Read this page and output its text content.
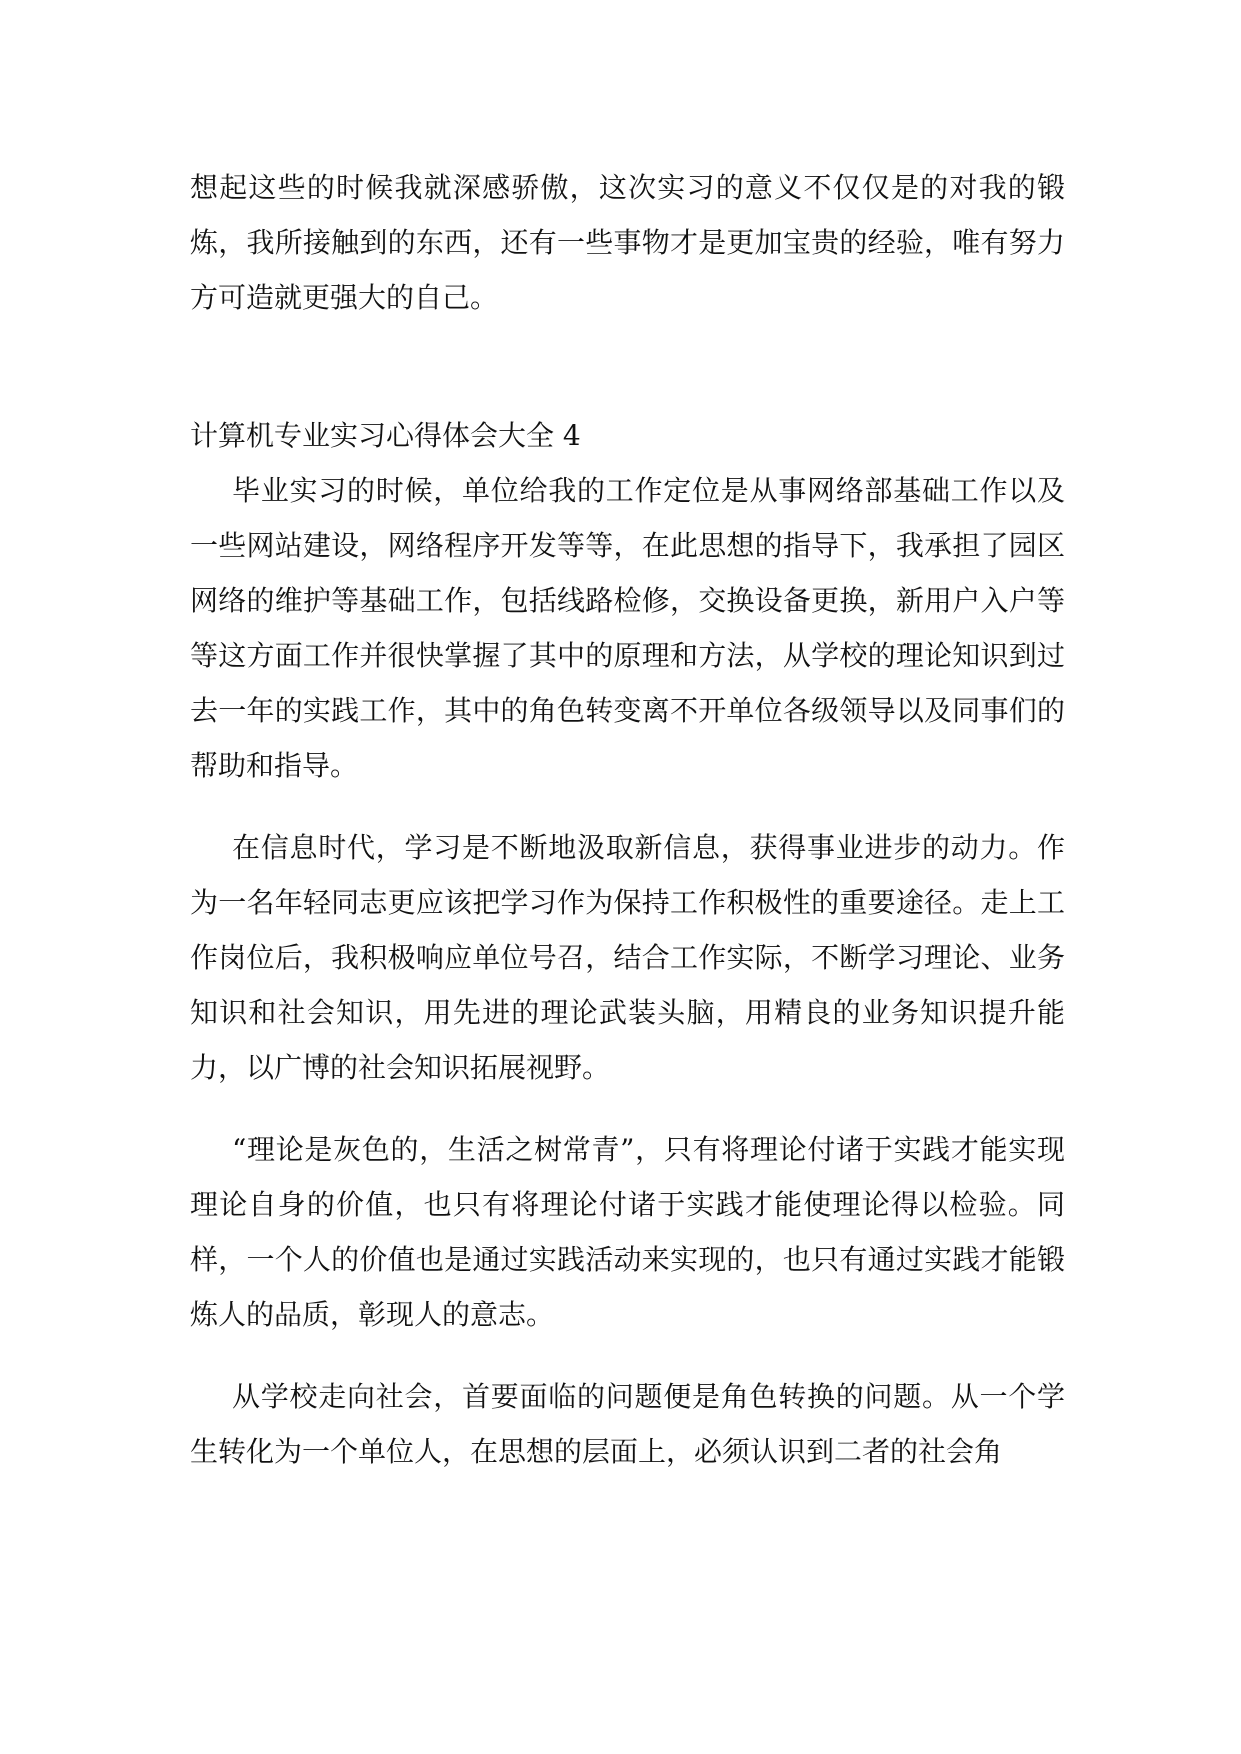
想起这些的时候我就深感骄傲，这次实习的意义不仅仅是的对我的锻炼，我所接触到的东西，还有一些事物才是更加宝贵的经验，唯有努力方可造就更强大的自己。

计算机专业实习心得体会大全 4

毕业实习的时候，单位给我的工作定位是从事网络部基础工作以及一些网站建设，网络程序开发等等，在此思想的指导下，我承担了园区网络的维护等基础工作，包括线路检修，交换设备更换，新用户入户等等这方面工作并很快掌握了其中的原理和方法，从学校的理论知识到过去一年的实践工作，其中的角色转变离不开单位各级领导以及同事们的帮助和指导。

在信息时代，学习是不断地汲取新信息，获得事业进步的动力。作为一名年轻同志更应该把学习作为保持工作积极性的重要途径。走上工作岗位后，我积极响应单位号召，结合工作实际，不断学习理论、业务知识和社会知识，用先进的理论武装头脑，用精良的业务知识提升能力，以广博的社会知识拓展视野。

“理论是灰色的，生活之树常青”，只有将理论付诸于实践才能实现理论自身的价值，也只有将理论付诸于实践才能使理论得以检验。同样，一个人的价值也是通过实践活动来实现的，也只有通过实践才能锻炼人的品质，彰现人的意志。

从学校走向社会，首要面临的问题便是角色转换的问题。从一个学生转化为一个单位人，在思想的层面上，必须认识到二者的社会角
